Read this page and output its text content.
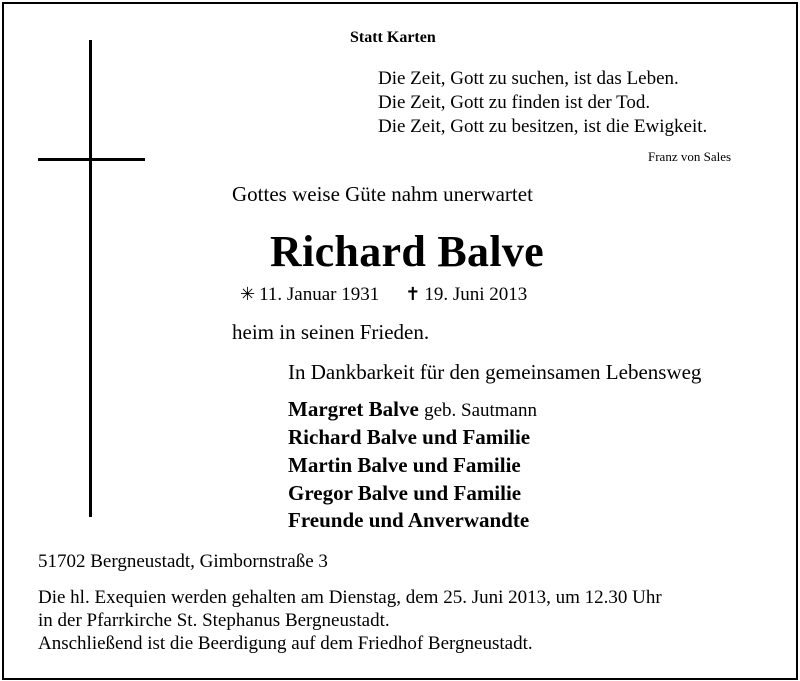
Statt Karten
Die Zeit, Gott zu suchen, ist das Leben.
Die Zeit, Gott zu finden ist der Tod.
Die Zeit, Gott zu besitzen, ist die Ewigkeit.
Franz von Sales
Gottes weise Güte nahm unerwartet
Richard Balve
✳ 11. Januar 1931 ✝ 19. Juni 2013
heim in seinen Frieden.
In Dankbarkeit für den gemeinsamen Lebensweg
Margret Balve geb. Sautmann
Richard Balve und Familie
Martin Balve und Familie
Gregor Balve und Familie
Freunde und Anverwandte
51702 Bergneustadt, Gimbornstraße 3
Die hl. Exequien werden gehalten am Dienstag, dem 25. Juni 2013, um 12.30 Uhr
in der Pfarrkirche St. Stephanus Bergneustadt.
Anschließend ist die Beerdigung auf dem Friedhof Bergneustadt.
